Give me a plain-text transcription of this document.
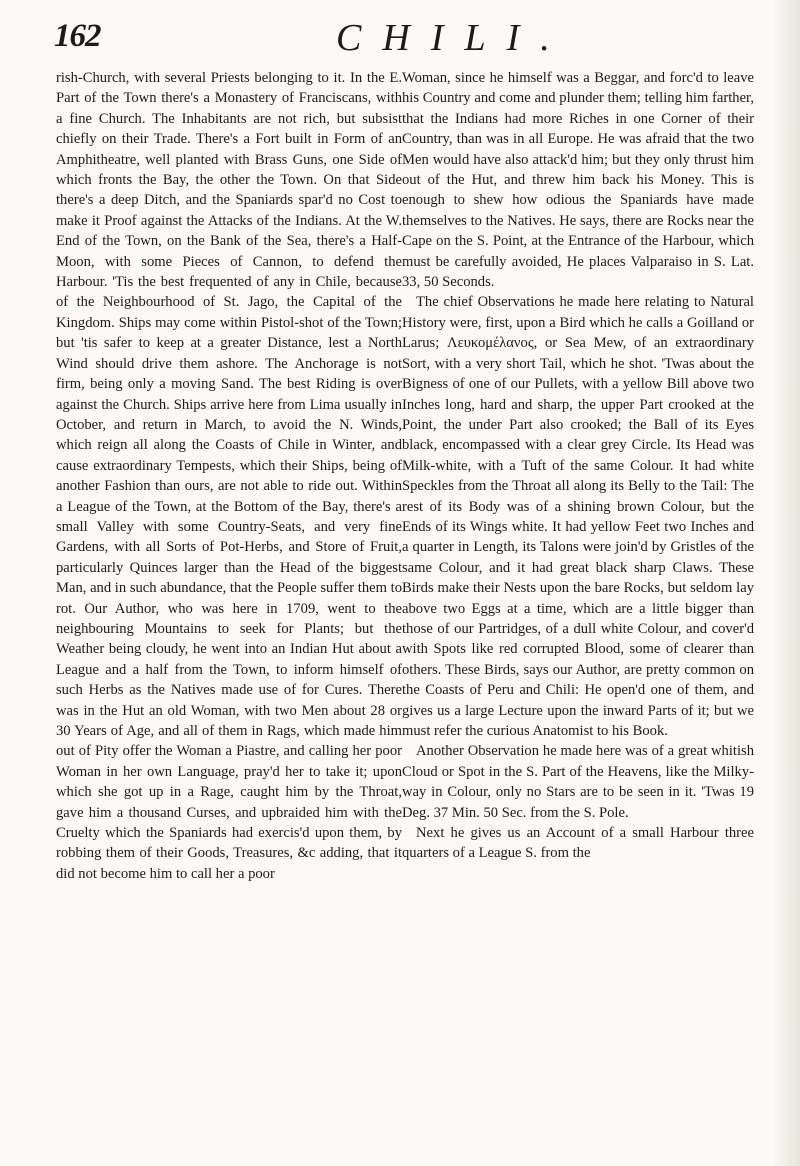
162	CHILI.

rish-Church, with several Priests belonging to it. In the E. Part of the Town there's a Monastery of Franciscans, with a fine Church. The Inhabitants are not rich, but subsist chiefly on their Trade. There's a Fort built in Form of an Amphitheatre, well planted with Brass Guns, one Side of which fronts the Bay, the other the Town. On that Side there's a deep Ditch, and the Spaniards spar'd no Cost to make it Proof against the Attacks of the Indians. At the W. End of the Town, on the Bank of the Sea, there's a Half-Moon, with some Pieces of Cannon, to defend the Harbour. 'Tis the best frequented of any in Chile, because of the Neighbourhood of St. Jago, the Capital of the Kingdom. Ships may come within Pistol-shot of the Town; but 'tis safer to keep at a greater Distance, lest a North Wind should drive them ashore. The Anchorage is not firm, being only a moving Sand. The best Riding is over against the Church. Ships arrive here from Lima usually in October, and return in March, to avoid the N. Winds, which reign all along the Coasts of Chile in Winter, and cause extraordinary Tempests, which their Ships, being of another Fashion than ours, are not able to ride out. Within a League of the Town, at the Bottom of the Bay, there's a small Valley with some Country-Seats, and very fine Gardens, with all Sorts of Pot-Herbs, and Store of Fruit, particularly Quinces larger than the Head of the biggest Man, and in such abundance, that the People suffer them to rot. Our Author, who was here in 1709, went to the neighbouring Mountains to seek for Plants; but the Weather being cloudy, he went into an Indian Hut about a League and a half from the Town, to inform himself of such Herbs as the Natives made use of for Cures. There was in the Hut an old Woman, with two Men about 28 or 30 Years of Age, and all of them in Rags, which made him out of Pity offer the Woman a Piastre, and calling her poor Woman in her own Language, pray'd her to take it; upon which she got up in a Rage, caught him by the Throat, gave him a thousand Curses, and upbraided him with the Cruelty which the Spaniards had exercis'd upon them, by robbing them of their Goods, Treasures, &c adding, that it did not become him to call her a poor

Woman, since he himself was a Beggar, and forc'd to leave his Country and come and plunder them; telling him farther, that the Indians had more Riches in one Corner of their Country, than was in all Europe. He was afraid that the two Men would have also attack'd him; but they only thrust him out of the Hut, and threw him back his Money. This is enough to shew how odious the Spaniards have made themselves to the Natives. He says, there are Rocks near the Cape on the S. Point, at the Entrance of the Harbour, which must be carefully avoided, He places Valparaiso in S. Lat. 33, 50 Seconds.

The chief Observations he made here relating to Natural History were, first, upon a Bird which he calls a Goilland or Larus; Λευκομέλανος, or Sea Mew, of an extraordinary Sort, with a very short Tail, which he shot. 'Twas about the Bigness of one of our Pullets, with a yellow Bill above two Inches long, hard and sharp, the upper Part crooked at the Point, the under Part also crooked; the Ball of its Eyes black, encompassed with a clear grey Circle. Its Head was Milk-white, with a Tuft of the same Colour. It had white Speckles from the Throat all along its Belly to the Tail: The rest of its Body was of a shining brown Colour, but the Ends of its Wings white. It had yellow Feet two Inches and a quarter in Length, its Talons were join'd by Gristles of the same Colour, and it had great black sharp Claws. These Birds make their Nests upon the bare Rocks, but seldom lay above two Eggs at a time, which are a little bigger than those of our Partridges, of a dull white Colour, and cover'd with Spots like red corrupted Blood, some of clearer than others. These Birds, says our Author, are pretty common on the Coasts of Peru and Chili: He open'd one of them, and gives us a large Lecture upon the inward Parts of it; but we must refer the curious Anatomist to his Book.

Another Observation he made here was of a great whitish Cloud or Spot in the S. Part of the Heavens, like the Milky-way in Colour, only no Stars are to be seen in it. 'Twas 19 Deg. 37 Min. 50 Sec. from the S. Pole.

Next he gives us an Account of a small Harbour three quarters of a League S. from the
